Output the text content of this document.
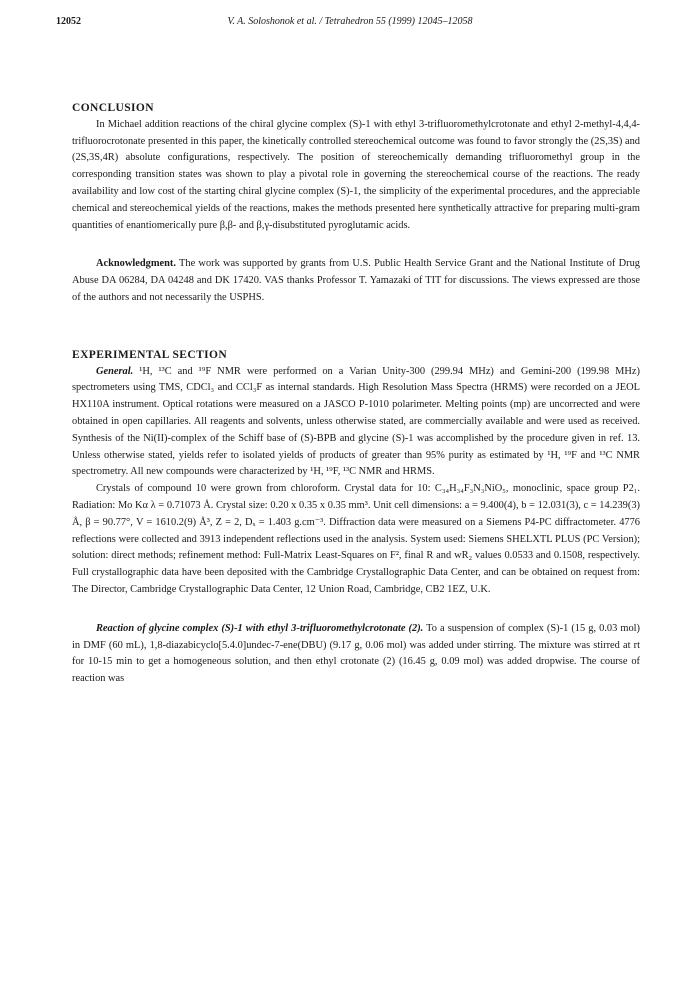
12052	V. A. Soloshonok et al. / Tetrahedron 55 (1999) 12045–12058
CONCLUSION

In Michael addition reactions of the chiral glycine complex (S)-1 with ethyl 3-trifluoromethylcrotonate and ethyl 2-methyl-4,4,4-trifluorocrotonate presented in this paper, the kinetically controlled stereochemical outcome was found to favor strongly the (2S,3S) and (2S,3S,4R) absolute configurations, respectively. The position of stereochemically demanding trifluoromethyl group in the corresponding transition states was shown to play a pivotal role in governing the stereochemical course of the reactions. The ready availability and low cost of the starting chiral glycine complex (S)-1, the simplicity of the experimental procedures, and the appreciable chemical and stereochemical yields of the reactions, makes the methods presented here synthetically attractive for preparing multi-gram quantities of enantiomerically pure β,β- and β,γ-disubstituted pyroglutamic acids.

Acknowledgment. The work was supported by grants from U.S. Public Health Service Grant and the National Institute of Drug Abuse DA 06284, DA 04248 and DK 17420. VAS thanks Professor T. Yamazaki of TIT for discussions. The views expressed are those of the authors and not necessarily the USPHS.

EXPERIMENTAL SECTION

General. ¹H, ¹³C and ¹⁹F NMR were performed on a Varian Unity-300 (299.94 MHz) and Gemini-200 (199.98 MHz) spectrometers using TMS, CDCl₃ and CCl₃F as internal standards. High Resolution Mass Spectra (HRMS) were recorded on a JEOL HX110A instrument. Optical rotations were measured on a JASCO P-1010 polarimeter. Melting points (mp) are uncorrected and were obtained in open capillaries. All reagents and solvents, unless otherwise stated, are commercially available and were used as received. Synthesis of the Ni(II)-complex of the Schiff base of (S)-BPB and glycine (S)-1 was accomplished by the procedure given in ref. 13. Unless otherwise stated, yields refer to isolated yields of products of greater than 95% purity as estimated by ¹H, ¹⁹F and ¹³C NMR spectrometry. All new compounds were characterized by ¹H, ¹⁹F, ¹³C NMR and HRMS.

Crystals of compound 10 were grown from chloroform. Crystal data for 10: C₃₄H₃₄F₃N₃NiO₅, monoclinic, space group P2₁. Radiation: Mo Kα λ = 0.71073 Å. Crystal size: 0.20 x 0.35 x 0.35 mm³. Unit cell dimensions: a = 9.400(4), b = 12.031(3), c = 14.239(3) Å, β = 90.77°, V = 1610.2(9) Å³, Z = 2, Dₓ = 1.403 g.cm⁻³. Diffraction data were measured on a Siemens P4-PC diffractometer. 4776 reflections were collected and 3913 independent reflections used in the analysis. System used: Siemens SHELXTL PLUS (PC Version); solution: direct methods; refinement method: Full-Matrix Least-Squares on F², final R and wR₂ values 0.0533 and 0.1508, respectively. Full crystallographic data have been deposited with the Cambridge Crystallographic Data Center, and can be obtained on request from: The Director, Cambridge Crystallographic Data Center, 12 Union Road, Cambridge, CB2 1EZ, U.K.

Reaction of glycine complex (S)-1 with ethyl 3-trifluoromethylcrotonate (2). To a suspension of complex (S)-1 (15 g, 0.03 mol) in DMF (60 mL), 1,8-diazabicyclo[5.4.0]undec-7-ene(DBU) (9.17 g, 0.06 mol) was added under stirring. The mixture was stirred at rt for 10-15 min to get a homogeneous solution, and then ethyl crotonate (2) (16.45 g, 0.09 mol) was added dropwise. The course of reaction was
